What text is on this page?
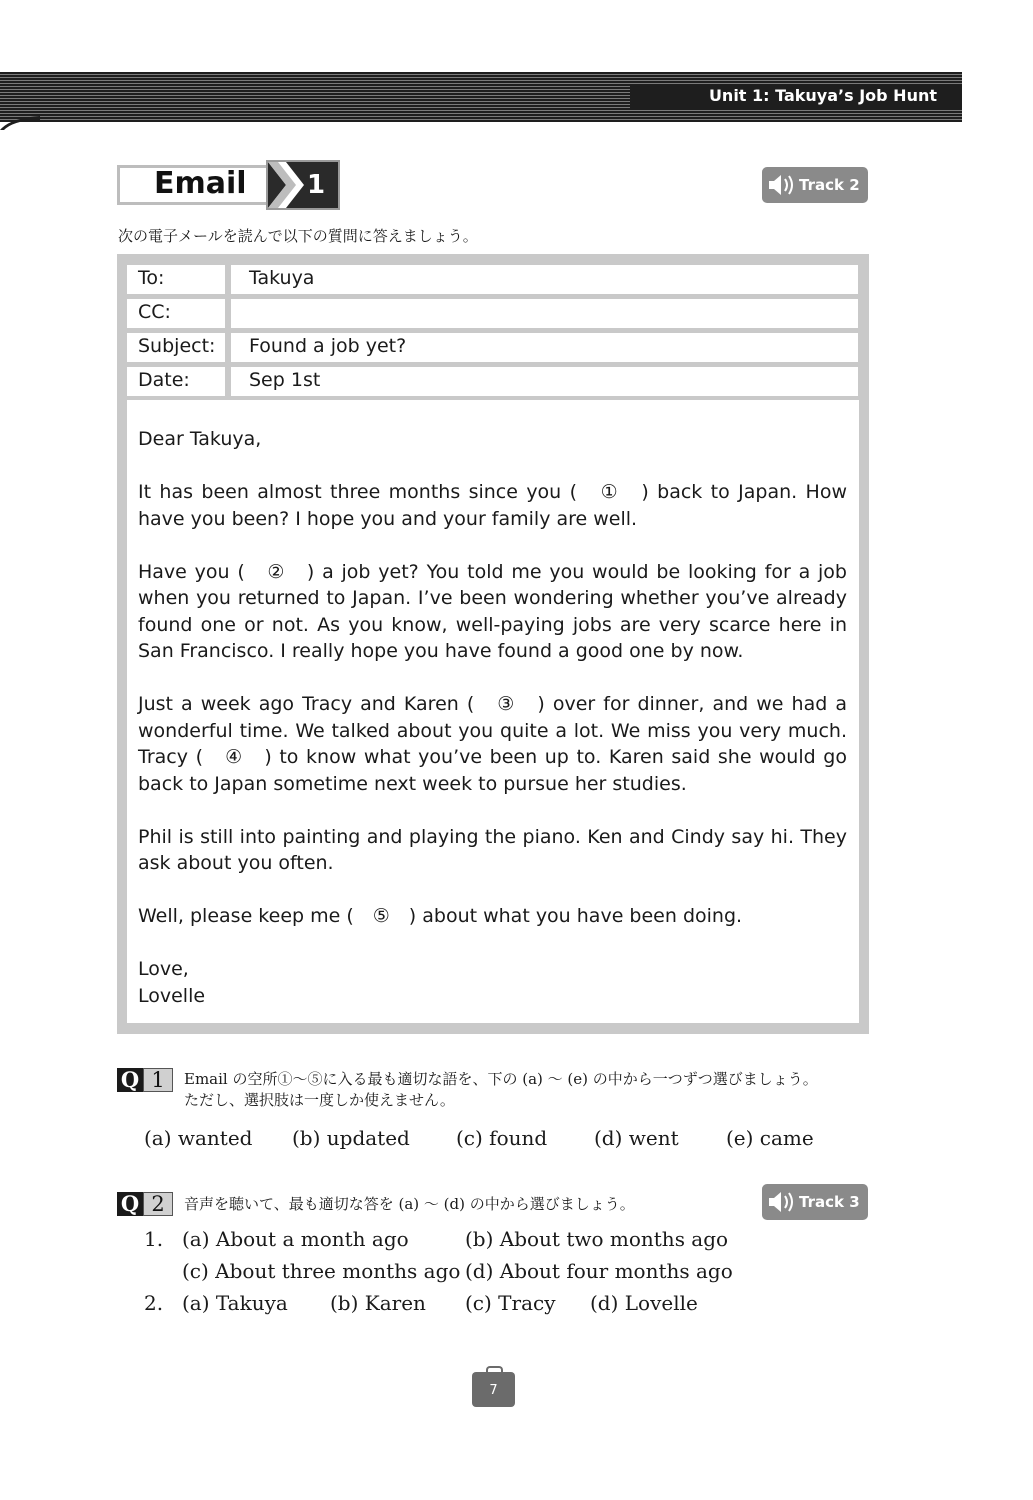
Unit 1: Takuya’s Job Hunt
Email 1	Track 2
次の電子メールを読んで以下の質問に答えましょう。
To:	Takuya
CC:
Subject: Found a job yet?
Date:	Sep 1st

Dear Takuya,

It has been almost three months since you (　①　) back to Japan. How have you been? I hope you and your family are well.

Have you (　②　) a job yet? You told me you would be looking for a job when you returned to Japan. I’ve been wondering whether you’ve already found one or not. As you know, well-paying jobs are very scarce here in San Francisco. I really hope you have found a good one by now.

Just a week ago Tracy and Karen (　③　) over for dinner, and we had a wonderful time. We talked about you quite a lot. We miss you very much. Tracy (　④　) to know what you’ve been up to. Karen said she would go back to Japan sometime next week to pursue her studies.

Phil is still into painting and playing the piano. Ken and Cindy say hi. They ask about you often.

Well, please keep me (　⑤　) about what you have been doing.

Love,

Lovelle

Q 1	Email の空所①～⑤に入る最も適切な語を、下の (a) ～ (e) の中から一つずつ選びましょう。
ただし、選択肢は一度しか使えません。
(a) wanted (b) updated (c) found (d) went (e) came
Q 2	音声を聴いて、最も適切な答を (a) ～ (d) の中から選びましょう。	Track 3
1. (a) About a month ago	(b) About two months ago
(c) About three months ago (d) About four months ago
2. (a) Takuya (b) Karen (c) Tracy (d) Lovelle
7
